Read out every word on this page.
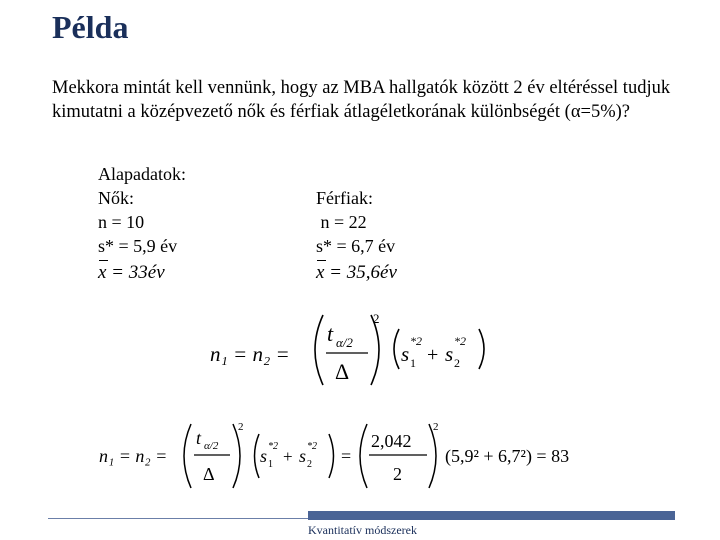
Példa
Mekkora mintát kell vennünk, hogy az MBA hallgatók között 2 év eltéréssel tudjuk kimutatni a középvezető nők és férfiak átlagéletkorának különbségét (α=5%)?
Alapadatok:
Nők:
n = 10
s* = 5,9 év
x = 33év
Férfiak:
n = 22
s* = 6,7 év
x = 35,6év
n₁ = n₂ =
t α/2
Δ
2
s
*2
1 + s
*2
2
n₁ = n₂ =
t α/2
Δ
2
s *2
1 + s *2
2 =
2,042
2
2
(5,9² + 6,7²) = 83
Kvantitatív módszerek
